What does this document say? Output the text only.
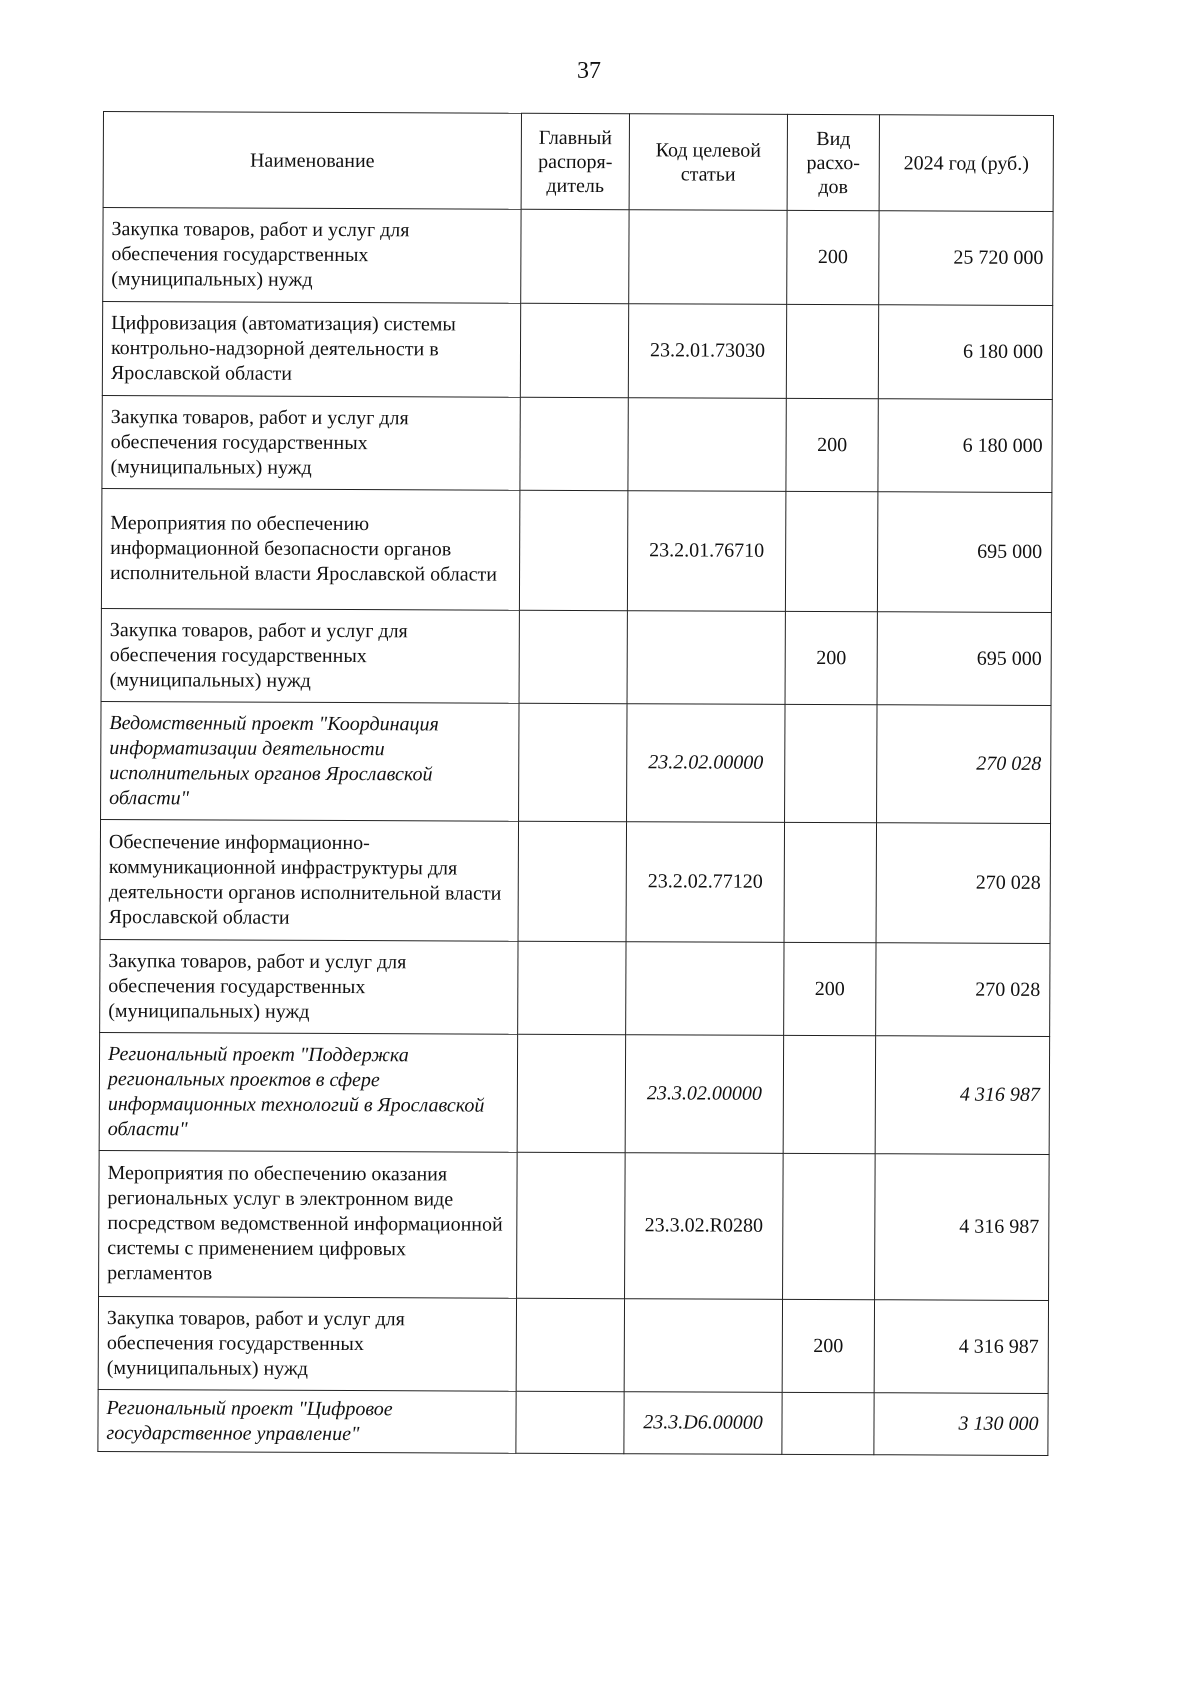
37
Наименование	Главный распоря-дитель	Код целевой статьи	Вид расхо-дов	2024 год (руб.)
Закупка товаров, работ и услуг для обеспечения государственных (муниципальных) нужд			200	25 720 000
Цифровизация (автоматизация) системы контрольно-надзорной деятельности в Ярославской области		23.2.01.73030		6 180 000
Закупка товаров, работ и услуг для обеспечения государственных (муниципальных) нужд			200	6 180 000
Мероприятия по обеспечению информационной безопасности органов исполнительной власти Ярославской области		23.2.01.76710		695 000
Закупка товаров, работ и услуг для обеспечения государственных (муниципальных) нужд			200	695 000
Ведомственный проект "Координация информатизации деятельности исполнительных органов Ярославской области"		23.2.02.00000		270 028
Обеспечение информационно-коммуникационной инфраструктуры для деятельности органов исполнительной власти Ярославской области		23.2.02.77120		270 028
Закупка товаров, работ и услуг для обеспечения государственных (муниципальных) нужд			200	270 028
Региональный проект "Поддержка региональных проектов в сфере информационных технологий в Ярославской области"		23.3.02.00000		4 316 987
Мероприятия по обеспечению оказания региональных услуг в электронном виде посредством ведомственной информационной системы с применением цифровых регламентов		23.3.02.R0280		4 316 987
Закупка товаров, работ и услуг для обеспечения государственных (муниципальных) нужд			200	4 316 987
Региональный проект "Цифровое государственное управление"		23.3.D6.00000		3 130 000
